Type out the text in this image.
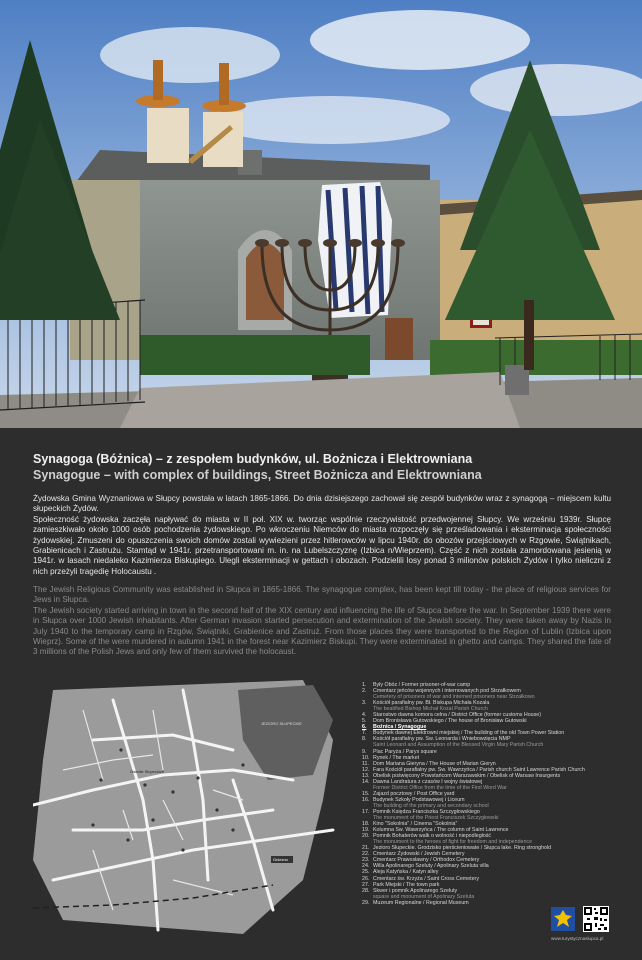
Synagoga (Bóżnica) – z zespołem budynków, ul. Bożnicza i Elektrowniana
Synagogue – with complex of buildings, Street Bożnicza and Elektrowniana

Żydowska Gmina Wyznaniowa w Słupcy powstała w latach 1865-1866. Do dnia dzisiejszego zachował się zespół budynków wraz z synagogą – miejscem kultu słupeckich Żydów.

Społeczność żydowska zaczęła napływać do miasta w II poł. XIX w. tworząc wspólnie rzeczywistość przedwojennej Słupcy. We wrześniu 1939r. Słupcę zamieszkiwało około 1000 osób pochodzenia żydowskiego. Po wkroczeniu Niemców do miasta rozpoczęły się prześladowania i eksterminacja społeczności żydowskiej. Zmuszeni do opuszczenia swoich domów zostali wywiezieni przez hitlerowców w lipcu 1940r. do obozów przejściowych w Rzgowie, Świątnikach, Grabienicach i Zastrużu. Stamtąd w 1941r. przetransportowani m. in. na Lubelszczyznę (Izbica n/Wieprzem). Część z nich została zamordowana jesienią w 1941r. w lasach niedaleko Kazimierza Biskupiego. Ulegli eksterminacji w gettach i obozach. Podzielili losy ponad 3 milionów polskich Żydów i tylko nieliczni z nich przeżyli tragedię Holocaustu .

The Jewish Religious Community was established in Słupca in 1865-1866. The synagogue complex, has been kept till today - the place of religious services for Jews in Słupca.

The Jewish society started arriving in town in the second half of the XIX century and influencing the life of Słupca before the war. In September 1939 there were in Słupca over 1000 Jewish inhabitants. After German invasion started persecution and extermination of the Jewish society. They were taken away by Nazis in July 1940 to the temporary camp in Rzgów, Świątniki, Grabienice and Zastruż. From those places they were transported to the Region of Lublin (Izbica upon Wieprz). Some of the were murdered in autumn 1941 in the forest near Kazimierz Biskupi. They were exterminated in ghetto and camps. They shared the fate of 3 millions of the Polish Jews and only few of them survived the holocaust.

JEZIORO SŁUPECKIE
Gniezno
Osiedle Słupeckich
1.	Były Obóz / Former prisoner-of-war camp
2.	Cmentarz jeńców wojennych i internowanych pod Strzałkowem
Cemetery of prisoners of war and interned prisoners near Strzałkowo
3.	Kościół parafialny pw. Bł. Biskupa Michała Kozala
The beatified Bishop Michał Kozal Parish Church
4.	Starostwo dawna komora celna / District Office (former customs House)
5.	Dom Bronisława Gutowskiego / The house of Bronisław Gutowski
6.	Bożnica / Synagogue
7.	Budynek dawnej Elektrowni miejskiej / The building of the old Town Power Station
8.	Kościół parafialny pw. Św. Leonarda i Wniebowzięcia NMP
Saint Leonard and Assumption of the Blessed Virgin Mary Parish Church
9.	Plac Paryża / Parys square
10. Rynek / The market
11. Dom Mariana Gieryna / The House of Marian Gieryn
12. Fara Kościół parafialny pw. Św. Wawrzyńca / Parish church Saint Lawrence Parish Church
13. Obelisk poświęcony Powstańcom Warszawskim / Obelisk of Warsaw Insurgents
14. Dawna Landratura z czasów I wojny światowej
Former District Office from the time of the First Word War
15. Zajazd pocztowy / Post Office yard
16. Budynek Szkoły Podstawowej i Liceum
The building of the primary and secondary school
17. Pomnik Księdza Franciszka Szczygłowskiego
The monument of the Priest Franciszek Szczygłowski
18. Kino "Sokolnia" / Cinema "Sokolnia"
19. Kolumna Św. Wawrzyńca / The column of Saint Lawrence
20. Pomnik Bohaterów walk o wolność i niepodległość
The monument to the heroes of fight for freedom and independence
21. Jezioro Słupeckie. Grodzisko pierścieniowate / Słupca lake. Ring stronghold
22. Cmentarz Żydowski / Jewish Cemetery
23. Cmentarz Prawosławny / Orthodox Cemetery
24. Willa Apolinarego Szeluty / Apolinary Szeluta villa
25. Aleja Katyńska / Katyn alley
26. Cmentarz św. Krzyża / Saint Cross Cemetery
27. Park Miejski / The town park
28. Skwer i pomnik Apolinarego Szeluty
square and monument of Apolinary Szeluta
29. Muzeum Regionalne / Regional Museum
www.turystycznaslupca.pl
